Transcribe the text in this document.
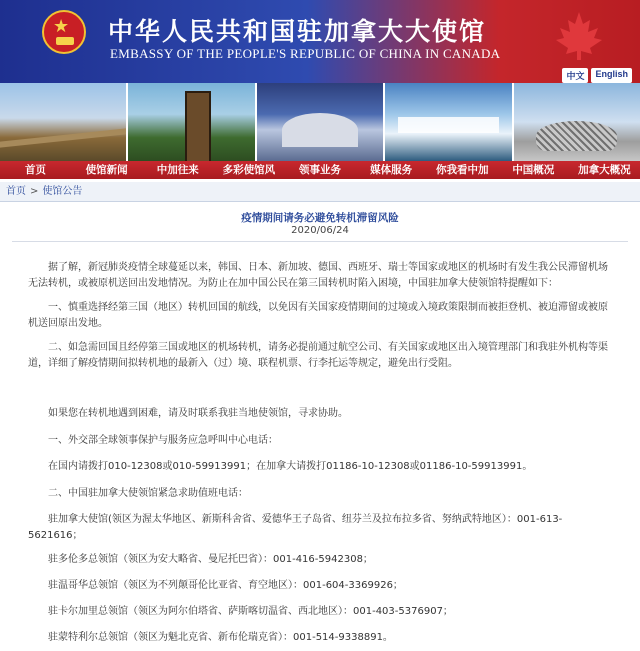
★ 中华人民共和国驻加拿大大使馆
EMBASSY OF THE PEOPLE'S REPUBLIC OF CHINA IN CANADA
中文	English
首页	使馆新闻	中加往来	多彩使馆风	领事业务	媒体服务	你我看中加	中国概况	加拿大概况
首页 > 使馆公告
疫情期间请务必避免转机滞留风险
2020/06/24
据了解，新冠肺炎疫情全球蔓延以来，韩国、日本、新加坡、德国、西班牙、瑞士等国家或地区的机场时有发生我公民滞留机场无法转机，或被原机送回出发地情况。为防止在加中国公民在第三国转机时陷入困境，中国驻加拿大使领馆特提醒如下：
一、慎重选择经第三国（地区）转机回国的航线，以免因有关国家疫情期间的过境或入境政策限制而被拒登机、被迫滞留或被原机送回原出发地。
二、如急需回国且经停第三国或地区的机场转机，请务必提前通过航空公司、有关国家或地区出入境管理部门和我驻外机构等渠道，详细了解疫情期间拟转机地的最新入（过）境、联程机票、行李托运等规定，避免出行受阻。
如果您在转机地遇到困难，请及时联系我驻当地使领馆，寻求协助。
一、外交部全球领事保护与服务应急呼叫中心电话：
在国内请拨打010-12308或010-59913991；在加拿大请拨打01186-10-12308或01186-10-59913991。
二、中国驻加拿大使领馆紧急求助值班电话：
驻加拿大使馆(领区为渥太华地区、新斯科舍省、爱德华王子岛省、纽芬兰及拉布拉多省、努纳武特地区）：001-613-5621616；
驻多伦多总领馆（领区为安大略省、曼尼托巴省）：001-416-5942308；
驻温哥华总领馆（领区为不列颠哥伦比亚省、育空地区）：001-604-3369926；
驻卡尔加里总领馆（领区为阿尔伯塔省、萨斯喀切温省、西北地区）：001-403-5376907；
驻蒙特利尔总领馆（领区为魁北克省、新布伦瑞克省）：001-514-9338891。
